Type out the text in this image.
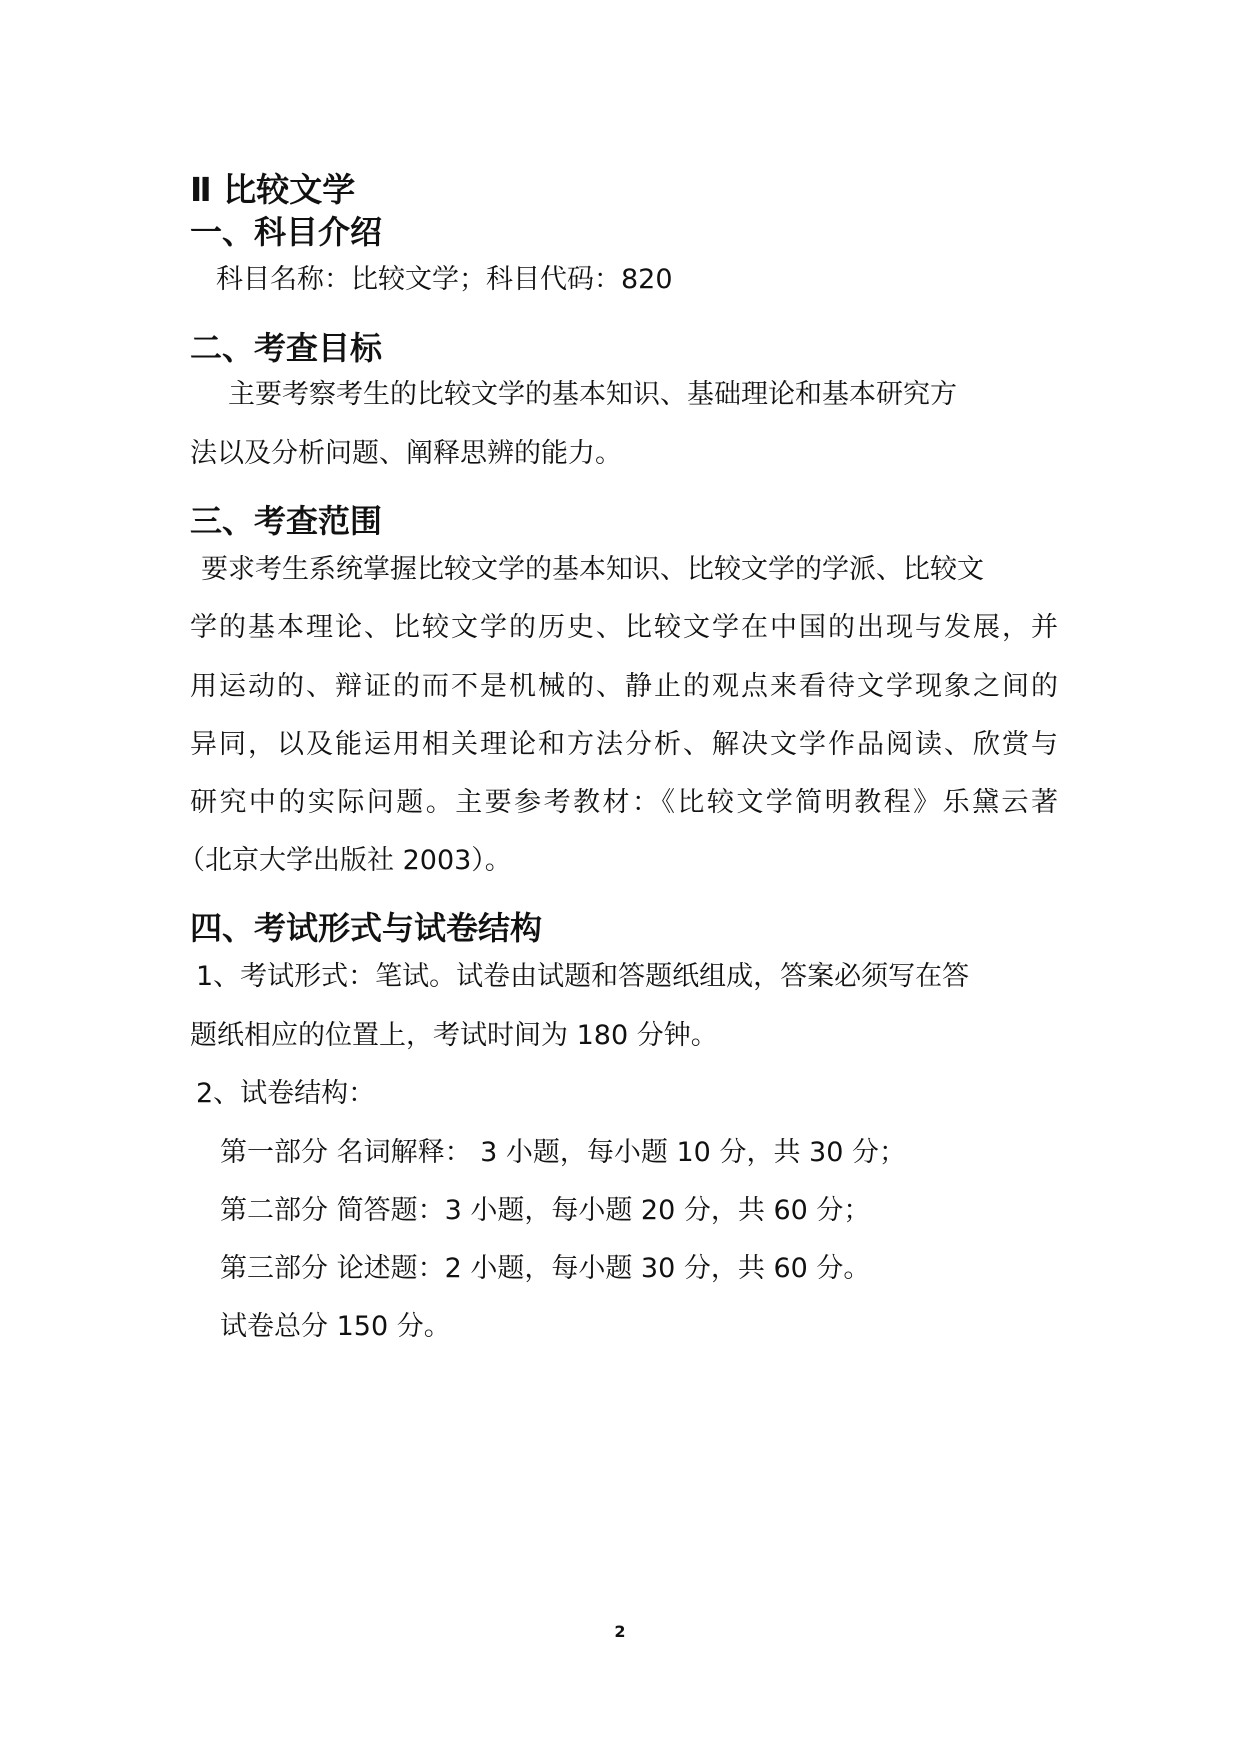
Ⅱ 比较文学
一、科目介绍
科目名称：比较文学；科目代码：820
二、考查目标
主要考察考生的比较文学的基本知识、基础理论和基本研究方
法以及分析问题、阐释思辨的能力。
三、考查范围
要求考生系统掌握比较文学的基本知识、比较文学的学派、比较文
学的基本理论、比较文学的历史、比较文学在中国的出现与发展，并
用运动的、辩证的而不是机械的、静止的观点来看待文学现象之间的
异同，以及能运用相关理论和方法分析、解决文学作品阅读、欣赏与
研究中的实际问题。主要参考教材：《比较文学简明教程》乐黛云著
（北京大学出版社 2003）。
四、考试形式与试卷结构
1、考试形式：笔试。试卷由试题和答题纸组成，答案必须写在答
题纸相应的位置上，考试时间为 180 分钟。
2、试卷结构：
第一部分 名词解释： 3 小题，每小题 10 分，共 30 分；
第二部分 简答题：3 小题，每小题 20 分，共 60 分；
第三部分 论述题：2 小题，每小题 30 分，共 60 分。
试卷总分 150 分。
2
